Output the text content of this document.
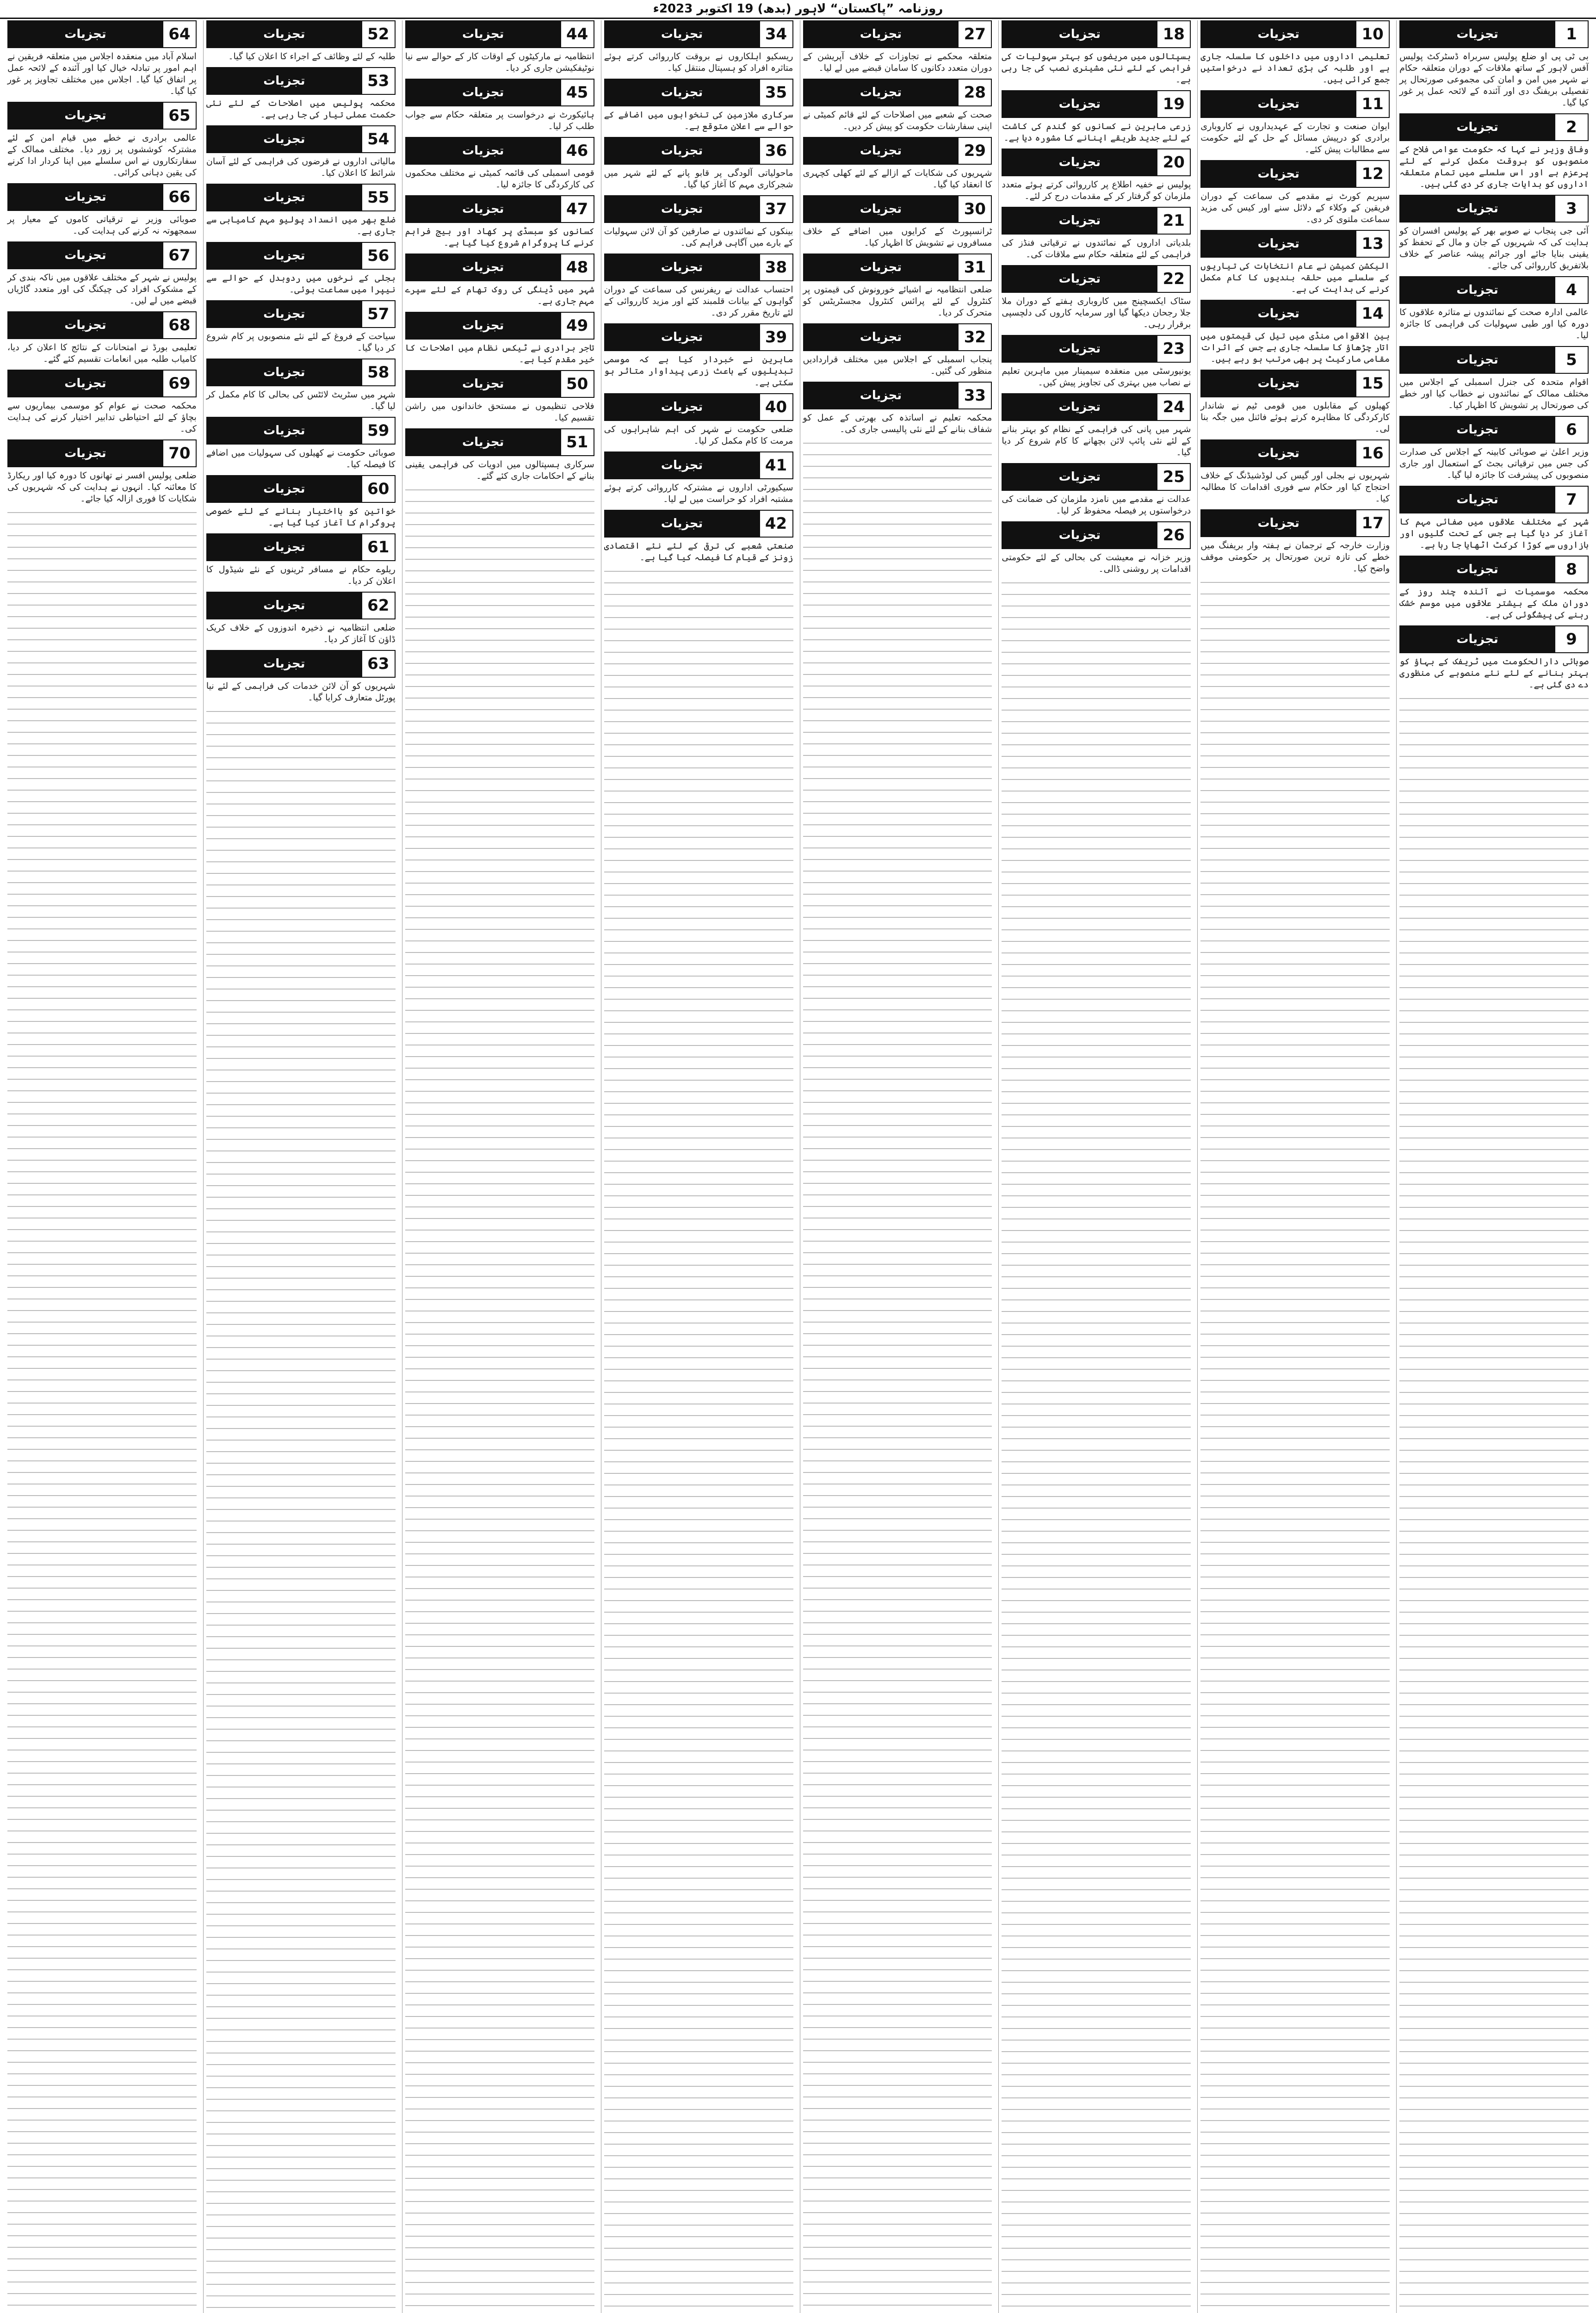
روزنامہ ”پاکستان“ لاہور (بدھ) 19 اکتوبر 2023ء
1
تجزیات
بی ٹی پی او ضلع پولیس سربراہ ڈسٹرکٹ پولیس آفس لاہور کے ساتھ ملاقات کے دوران متعلقہ حکام نے شہر میں امن و امان کی مجموعی صورتحال پر تفصیلی بریفنگ دی اور آئندہ کے لائحہ عمل پر غور کیا گیا۔
2
تجزیات
وفاقی وزیر نے کہا کہ حکومت عوامی فلاح کے منصوبوں کو بروقت مکمل کرنے کے لئے پرعزم ہے اور اس سلسلے میں تمام متعلقہ اداروں کو ہدایات جاری کر دی گئی ہیں۔
3
تجزیات
آئی جی پنجاب نے صوبے بھر کے پولیس افسران کو ہدایت کی کہ شہریوں کے جان و مال کے تحفظ کو یقینی بنایا جائے اور جرائم پیشہ عناصر کے خلاف بلاتفریق کارروائی کی جائے۔
4
تجزیات
عالمی ادارہ صحت کے نمائندوں نے متاثرہ علاقوں کا دورہ کیا اور طبی سہولیات کی فراہمی کا جائزہ لیا۔
5
تجزیات
اقوام متحدہ کی جنرل اسمبلی کے اجلاس میں مختلف ممالک کے نمائندوں نے خطاب کیا اور خطے کی صورتحال پر تشویش کا اظہار کیا۔
6
تجزیات
وزیر اعلیٰ نے صوبائی کابینہ کے اجلاس کی صدارت کی جس میں ترقیاتی بجٹ کے استعمال اور جاری منصوبوں کی پیشرفت کا جائزہ لیا گیا۔
7
تجزیات
شہر کے مختلف علاقوں میں صفائی مہم کا آغاز کر دیا گیا ہے جس کے تحت گلیوں اور بازاروں سے کوڑا کرکٹ اٹھایا جا رہا ہے۔
8
تجزیات
محکمہ موسمیات نے آئندہ چند روز کے دوران ملک کے بیشتر علاقوں میں موسم خشک رہنے کی پیشگوئی کی ہے۔
9
تجزیات
صوبائی دارالحکومت میں ٹریفک کے بہاؤ کو بہتر بنانے کے لئے نئے منصوبے کی منظوری دے دی گئی ہے۔
10
تجزیات
تعلیمی اداروں میں داخلوں کا سلسلہ جاری ہے اور طلبہ کی بڑی تعداد نے درخواستیں جمع کرائی ہیں۔
11
تجزیات
ایوان صنعت و تجارت کے عہدیداروں نے کاروباری برادری کو درپیش مسائل کے حل کے لئے حکومت سے مطالبات پیش کئے۔
12
تجزیات
سپریم کورٹ نے مقدمے کی سماعت کے دوران فریقین کے وکلاء کے دلائل سنے اور کیس کی مزید سماعت ملتوی کر دی۔
13
تجزیات
الیکشن کمیشن نے عام انتخابات کی تیاریوں کے سلسلے میں حلقہ بندیوں کا کام مکمل کرنے کی ہدایت کی ہے۔
14
تجزیات
بین الاقوامی منڈی میں تیل کی قیمتوں میں اتار چڑھاؤ کا سلسلہ جاری ہے جس کے اثرات مقامی مارکیٹ پر بھی مرتب ہو رہے ہیں۔
15
تجزیات
کھیلوں کے مقابلوں میں قومی ٹیم نے شاندار کارکردگی کا مظاہرہ کرتے ہوئے فائنل میں جگہ بنا لی۔
16
تجزیات
شہریوں نے بجلی اور گیس کی لوڈشیڈنگ کے خلاف احتجاج کیا اور حکام سے فوری اقدامات کا مطالبہ کیا۔
17
تجزیات
وزارت خارجہ کے ترجمان نے ہفتہ وار بریفنگ میں خطے کی تازہ ترین صورتحال پر حکومتی موقف واضح کیا۔
18
تجزیات
ہسپتالوں میں مریضوں کو بہتر سہولیات کی فراہمی کے لئے نئی مشینری نصب کی جا رہی ہے۔
19
تجزیات
زرعی ماہرین نے کسانوں کو گندم کی کاشت کے لئے جدید طریقے اپنانے کا مشورہ دیا ہے۔
20
تجزیات
پولیس نے خفیہ اطلاع پر کارروائی کرتے ہوئے متعدد ملزمان کو گرفتار کر کے مقدمات درج کر لئے۔
21
تجزیات
بلدیاتی اداروں کے نمائندوں نے ترقیاتی فنڈز کی فراہمی کے لئے متعلقہ حکام سے ملاقات کی۔
22
تجزیات
سٹاک ایکسچینج میں کاروباری ہفتے کے دوران ملا جلا رجحان دیکھا گیا اور سرمایہ کاروں کی دلچسپی برقرار رہی۔
23
تجزیات
یونیورسٹی میں منعقدہ سیمینار میں ماہرین تعلیم نے نصاب میں بہتری کی تجاویز پیش کیں۔
24
تجزیات
شہر میں پانی کی فراہمی کے نظام کو بہتر بنانے کے لئے نئی پائپ لائن بچھانے کا کام شروع کر دیا گیا۔
25
تجزیات
عدالت نے مقدمے میں نامزد ملزمان کی ضمانت کی درخواستوں پر فیصلہ محفوظ کر لیا۔
26
تجزیات
وزیر خزانہ نے معیشت کی بحالی کے لئے حکومتی اقدامات پر روشنی ڈالی۔
27
تجزیات
متعلقہ محکمے نے تجاوزات کے خلاف آپریشن کے دوران متعدد دکانوں کا سامان قبضے میں لے لیا۔
28
تجزیات
صحت کے شعبے میں اصلاحات کے لئے قائم کمیٹی نے اپنی سفارشات حکومت کو پیش کر دیں۔
29
تجزیات
شہریوں کی شکایات کے ازالے کے لئے کھلی کچہری کا انعقاد کیا گیا۔
30
تجزیات
ٹرانسپورٹ کے کرایوں میں اضافے کے خلاف مسافروں نے تشویش کا اظہار کیا۔
31
تجزیات
ضلعی انتظامیہ نے اشیائے خورونوش کی قیمتوں پر کنٹرول کے لئے پرائس کنٹرول مجسٹریٹس کو متحرک کر دیا۔
32
تجزیات
پنجاب اسمبلی کے اجلاس میں مختلف قراردادیں منظور کی گئیں۔
33
تجزیات
محکمہ تعلیم نے اساتذہ کی بھرتی کے عمل کو شفاف بنانے کے لئے نئی پالیسی جاری کی۔
34
تجزیات
ریسکیو اہلکاروں نے بروقت کارروائی کرتے ہوئے متاثرہ افراد کو ہسپتال منتقل کیا۔
35
تجزیات
سرکاری ملازمین کی تنخواہوں میں اضافے کے حوالے سے اعلان متوقع ہے۔
36
تجزیات
ماحولیاتی آلودگی پر قابو پانے کے لئے شہر میں شجرکاری مہم کا آغاز کیا گیا۔
37
تجزیات
بینکوں کے نمائندوں نے صارفین کو آن لائن سہولیات کے بارے میں آگاہی فراہم کی۔
38
تجزیات
احتساب عدالت نے ریفرنس کی سماعت کے دوران گواہوں کے بیانات قلمبند کئے اور مزید کارروائی کے لئے تاریخ مقرر کر دی۔
39
تجزیات
ماہرین نے خبردار کیا ہے کہ موسمی تبدیلیوں کے باعث زرعی پیداوار متاثر ہو سکتی ہے۔
40
تجزیات
ضلعی حکومت نے شہر کی اہم شاہراہوں کی مرمت کا کام مکمل کر لیا۔
41
تجزیات
سیکیورٹی اداروں نے مشترکہ کارروائی کرتے ہوئے مشتبہ افراد کو حراست میں لے لیا۔
42
تجزیات
صنعتی شعبے کی ترقی کے لئے نئے اقتصادی زونز کے قیام کا فیصلہ کیا گیا ہے۔
44
تجزیات
انتظامیہ نے مارکیٹوں کے اوقات کار کے حوالے سے نیا نوٹیفکیشن جاری کر دیا۔
45
تجزیات
ہائیکورٹ نے درخواست پر متعلقہ حکام سے جواب طلب کر لیا۔
46
تجزیات
قومی اسمبلی کی قائمہ کمیٹی نے مختلف محکموں کی کارکردگی کا جائزہ لیا۔
47
تجزیات
کسانوں کو سبسڈی پر کھاد اور بیج فراہم کرنے کا پروگرام شروع کیا گیا ہے۔
48
تجزیات
شہر میں ڈینگی کی روک تھام کے لئے سپرے مہم جاری ہے۔
49
تجزیات
تاجر برادری نے ٹیکس نظام میں اصلاحات کا خیر مقدم کیا ہے۔
50
تجزیات
فلاحی تنظیموں نے مستحق خاندانوں میں راشن تقسیم کیا۔
51
تجزیات
سرکاری ہسپتالوں میں ادویات کی فراہمی یقینی بنانے کے احکامات جاری کئے گئے۔
52
تجزیات
طلبہ کے لئے وظائف کے اجراء کا اعلان کیا گیا۔
53
تجزیات
محکمہ پولیس میں اصلاحات کے لئے نئی حکمت عملی تیار کی جا رہی ہے۔
54
تجزیات
مالیاتی اداروں نے قرضوں کی فراہمی کے لئے آسان شرائط کا اعلان کیا۔
55
تجزیات
ضلع بھر میں انسداد پولیو مہم کامیابی سے جاری ہے۔
56
تجزیات
بجلی کے نرخوں میں ردوبدل کے حوالے سے نیپرا میں سماعت ہوئی۔
57
تجزیات
سیاحت کے فروغ کے لئے نئے منصوبوں پر کام شروع کر دیا گیا۔
58
تجزیات
شہر میں سٹریٹ لائٹس کی بحالی کا کام مکمل کر لیا گیا۔
59
تجزیات
صوبائی حکومت نے کھیلوں کی سہولیات میں اضافے کا فیصلہ کیا۔
60
تجزیات
خواتین کو بااختیار بنانے کے لئے خصوصی پروگرام کا آغاز کیا گیا ہے۔
61
تجزیات
ریلوے حکام نے مسافر ٹرینوں کے نئے شیڈول کا اعلان کر دیا۔
62
تجزیات
ضلعی انتظامیہ نے ذخیرہ اندوزوں کے خلاف کریک ڈاؤن کا آغاز کر دیا۔
63
تجزیات
شہریوں کو آن لائن خدمات کی فراہمی کے لئے نیا پورٹل متعارف کرایا گیا۔
64
تجزیات
اسلام آباد میں منعقدہ اجلاس میں متعلقہ فریقین نے اہم امور پر تبادلہ خیال کیا اور آئندہ کے لائحہ عمل پر اتفاق کیا گیا۔ اجلاس میں مختلف تجاویز پر غور کیا گیا۔
65
تجزیات
عالمی برادری نے خطے میں قیام امن کے لئے مشترکہ کوششوں پر زور دیا۔ مختلف ممالک کے سفارتکاروں نے اس سلسلے میں اپنا کردار ادا کرنے کی یقین دہانی کرائی۔
66
تجزیات
صوبائی وزیر نے ترقیاتی کاموں کے معیار پر سمجھوتہ نہ کرنے کی ہدایت کی۔
67
تجزیات
پولیس نے شہر کے مختلف علاقوں میں ناکہ بندی کر کے مشکوک افراد کی چیکنگ کی اور متعدد گاڑیاں قبضے میں لے لیں۔
68
تجزیات
تعلیمی بورڈ نے امتحانات کے نتائج کا اعلان کر دیا، کامیاب طلبہ میں انعامات تقسیم کئے گئے۔
69
تجزیات
محکمہ صحت نے عوام کو موسمی بیماریوں سے بچاؤ کے لئے احتیاطی تدابیر اختیار کرنے کی ہدایت کی۔
70
تجزیات
ضلعی پولیس افسر نے تھانوں کا دورہ کیا اور ریکارڈ کا معائنہ کیا۔ انہوں نے ہدایت کی کہ شہریوں کی شکایات کا فوری ازالہ کیا جائے۔
